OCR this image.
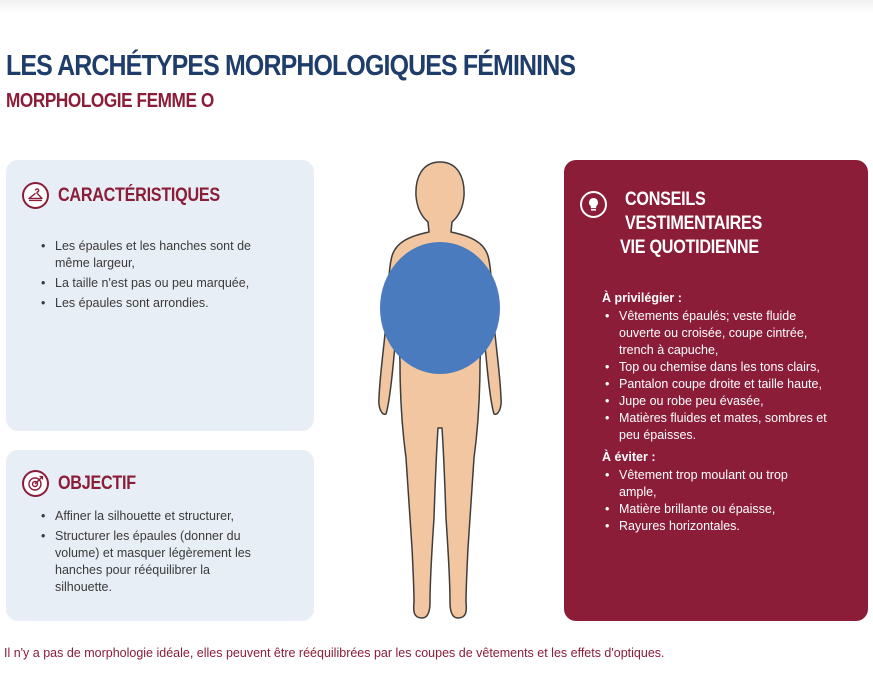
LES ARCHÉTYPES MORPHOLOGIQUES FÉMININS
MORPHOLOGIE FEMME O
CARACTÉRISTIQUES
• Les épaules et les hanches sont de même largeur,
• La taille n'est pas ou peu marquée,
• Les épaules sont arrondies.
OBJECTIF
• Affiner la silhouette et structurer,
• Structurer les épaules (donner du volume) et masquer légèrement les hanches pour rééquilibrer la silhouette.
CONSEILS
VESTIMENTAIRES
VIE QUOTIDIENNE
À privilégier :
• Vêtements épaulés; veste fluide ouverte ou croisée, coupe cintrée, trench à capuche,
• Top ou chemise dans les tons clairs,
• Pantalon coupe droite et taille haute,
• Jupe ou robe peu évasée,
• Matières fluides et mates, sombres et peu épaisses.
À éviter :
• Vêtement trop moulant ou trop ample,
• Matière brillante ou épaisse,
• Rayures horizontales.
Il n'y a pas de morphologie idéale, elles peuvent être rééquilibrées par les coupes de vêtements et les effets d'optiques.
